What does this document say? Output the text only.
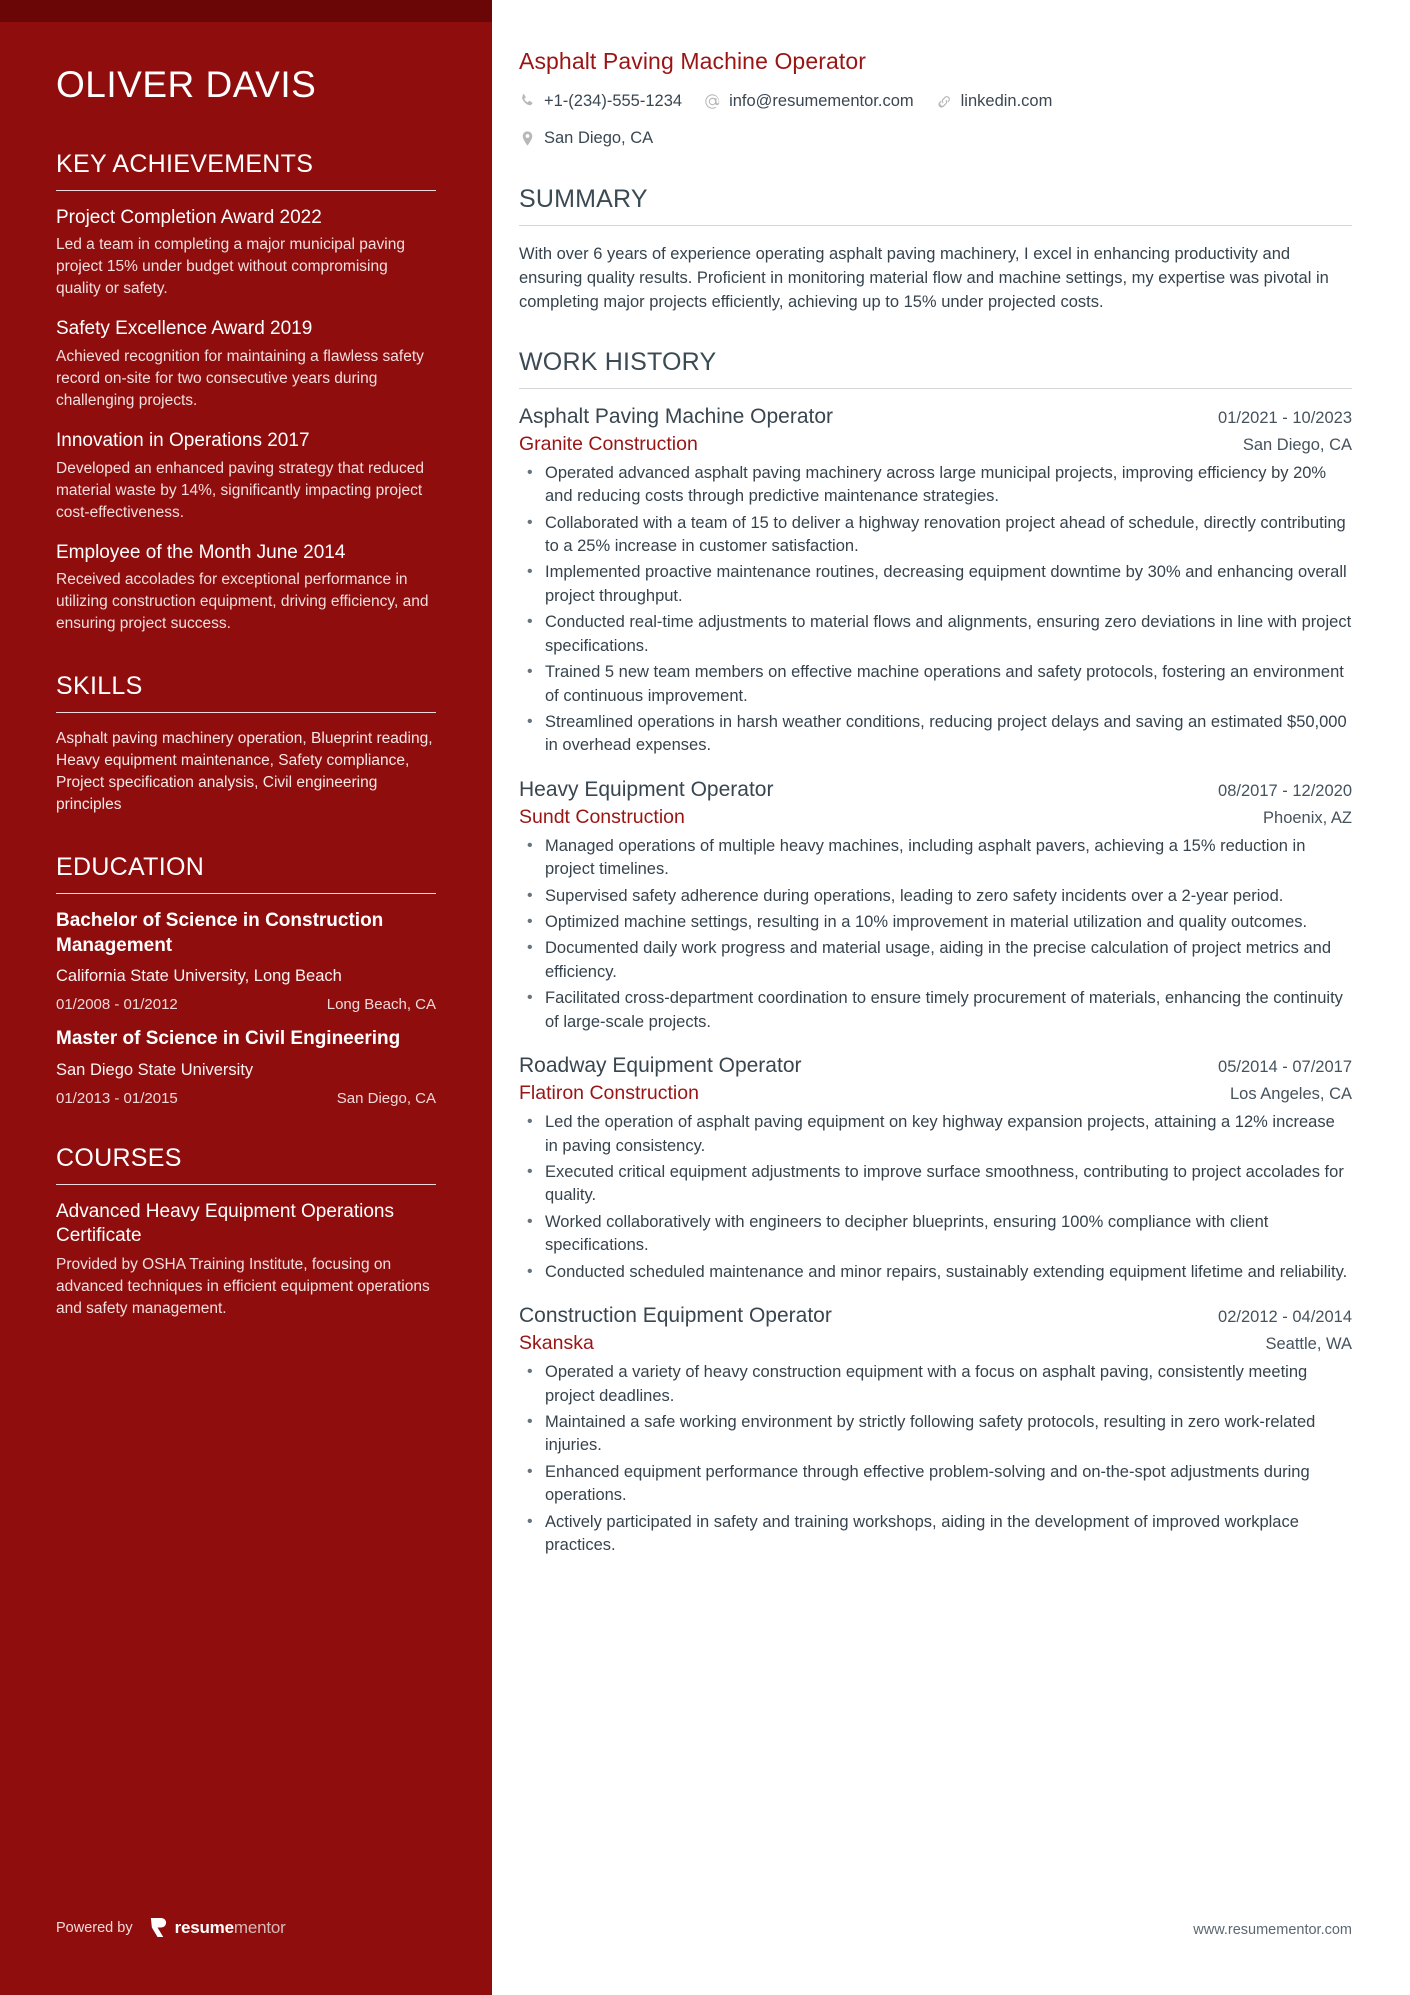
OLIVER DAVIS
KEY ACHIEVEMENTS
Project Completion Award 2022
Led a team in completing a major municipal paving project 15% under budget without compromising quality or safety.
Safety Excellence Award 2019
Achieved recognition for maintaining a flawless safety record on-site for two consecutive years during challenging projects.
Innovation in Operations 2017
Developed an enhanced paving strategy that reduced material waste by 14%, significantly impacting project cost-effectiveness.
Employee of the Month June 2014
Received accolades for exceptional performance in utilizing construction equipment, driving efficiency, and ensuring project success.
SKILLS
Asphalt paving machinery operation, Blueprint reading, Heavy equipment maintenance, Safety compliance, Project specification analysis, Civil engineering principles
EDUCATION
Bachelor of Science in Construction Management
California State University, Long Beach
01/2008 - 01/2012	Long Beach, CA
Master of Science in Civil Engineering
San Diego State University
01/2013 - 01/2015	San Diego, CA
COURSES
Advanced Heavy Equipment Operations Certificate
Provided by OSHA Training Institute, focusing on advanced techniques in efficient equipment operations and safety management.
Powered by resumementor
Asphalt Paving Machine Operator
+1-(234)-555-1234	info@resumementor.com	linkedin.com
San Diego, CA
SUMMARY

With over 6 years of experience operating asphalt paving machinery, I excel in enhancing productivity and ensuring quality results. Proficient in monitoring material flow and machine settings, my expertise was pivotal in completing major projects efficiently, achieving up to 15% under projected costs.

WORK HISTORY
Asphalt Paving Machine Operator	01/2021 - 10/2023
Granite Construction	San Diego, CA
• Operated advanced asphalt paving machinery across large municipal projects, improving efficiency by 20% and reducing costs through predictive maintenance strategies.
• Collaborated with a team of 15 to deliver a highway renovation project ahead of schedule, directly contributing to a 25% increase in customer satisfaction.
• Implemented proactive maintenance routines, decreasing equipment downtime by 30% and enhancing overall project throughput.
• Conducted real-time adjustments to material flows and alignments, ensuring zero deviations in line with project specifications.
• Trained 5 new team members on effective machine operations and safety protocols, fostering an environment of continuous improvement.
• Streamlined operations in harsh weather conditions, reducing project delays and saving an estimated $50,000 in overhead expenses.
Heavy Equipment Operator	08/2017 - 12/2020
Sundt Construction	Phoenix, AZ
• Managed operations of multiple heavy machines, including asphalt pavers, achieving a 15% reduction in project timelines.
• Supervised safety adherence during operations, leading to zero safety incidents over a 2-year period.
• Optimized machine settings, resulting in a 10% improvement in material utilization and quality outcomes.
• Documented daily work progress and material usage, aiding in the precise calculation of project metrics and efficiency.
• Facilitated cross-department coordination to ensure timely procurement of materials, enhancing the continuity of large-scale projects.
Roadway Equipment Operator	05/2014 - 07/2017
Flatiron Construction	Los Angeles, CA
• Led the operation of asphalt paving equipment on key highway expansion projects, attaining a 12% increase in paving consistency.
• Executed critical equipment adjustments to improve surface smoothness, contributing to project accolades for quality.
• Worked collaboratively with engineers to decipher blueprints, ensuring 100% compliance with client specifications.
• Conducted scheduled maintenance and minor repairs, sustainably extending equipment lifetime and reliability.
Construction Equipment Operator	02/2012 - 04/2014
Skanska	Seattle, WA
• Operated a variety of heavy construction equipment with a focus on asphalt paving, consistently meeting project deadlines.
• Maintained a safe working environment by strictly following safety protocols, resulting in zero work-related injuries.
• Enhanced equipment performance through effective problem-solving and on-the-spot adjustments during operations.
• Actively participated in safety and training workshops, aiding in the development of improved workplace practices.
www.resumementor.com
